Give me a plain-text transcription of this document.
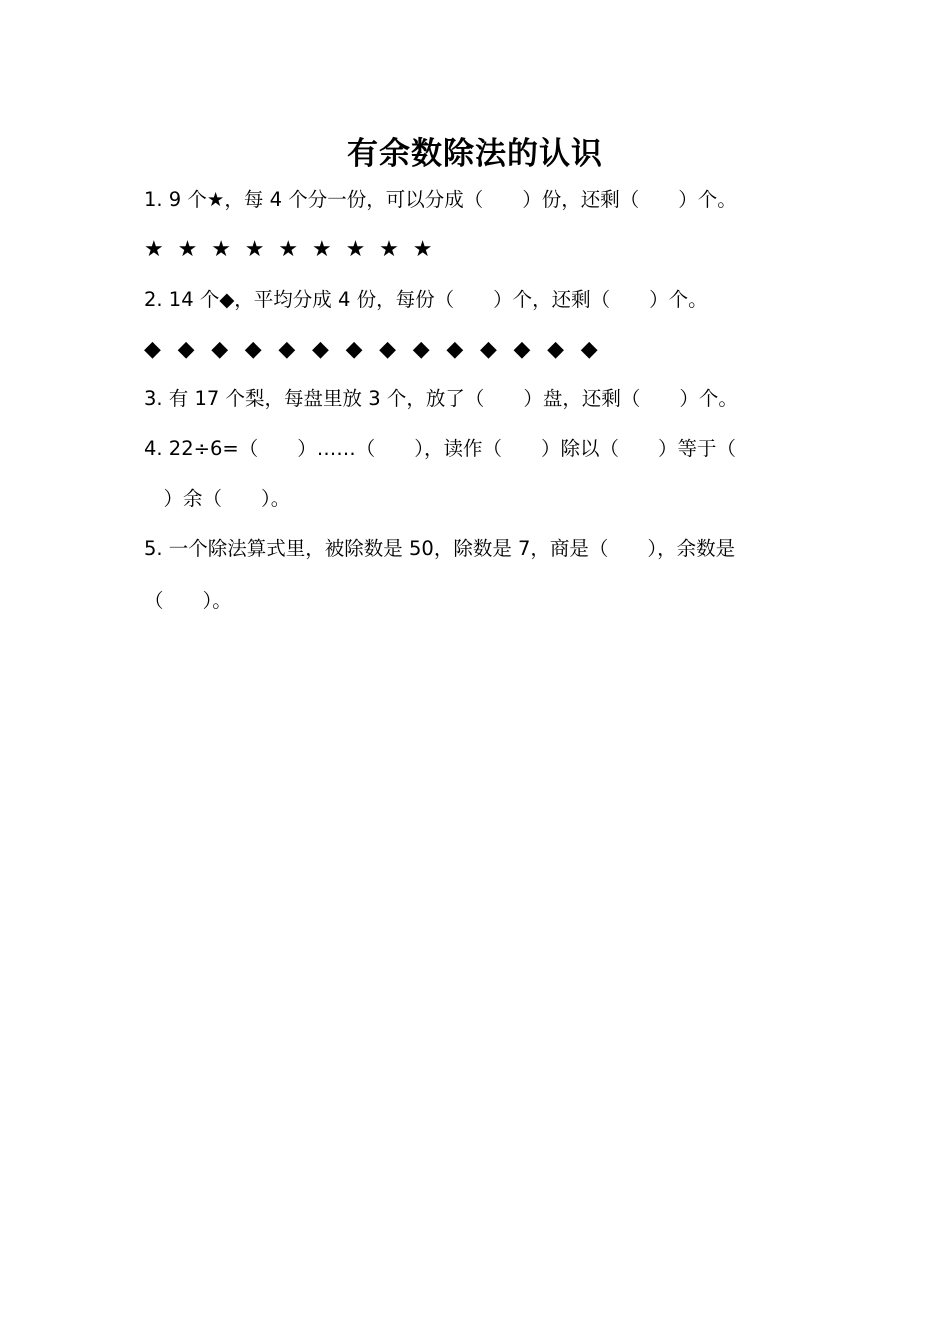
有余数除法的认识
1. 9 个★，每 4 个分一份，可以分成（　　）份，还剩（　　）个。
★ ★ ★ ★ ★ ★ ★ ★ ★
2. 14 个◆，平均分成 4 份，每份（　　）个，还剩（　　）个。
◆ ◆ ◆ ◆ ◆ ◆ ◆ ◆ ◆ ◆ ◆ ◆ ◆ ◆
3. 有 17 个梨，每盘里放 3 个，放了（　　）盘，还剩（　　）个。
4. 22÷6=（　　）……（　　），读作（　　）除以（　　）等于（
　）余（　　）。
5. 一个除法算式里，被除数是 50，除数是 7，商是（　　），余数是
（　　）。
